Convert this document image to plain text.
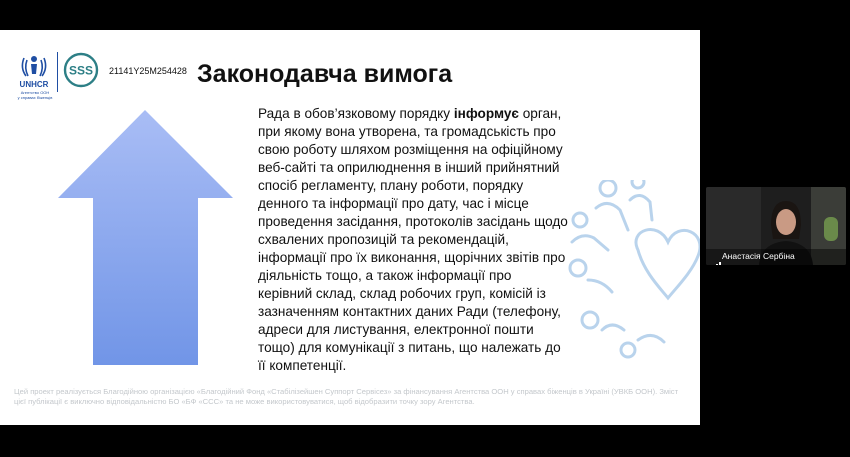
UNHCR
Агентство ООН
у справах біженців
SSS 21141Y25M254428 Законодавча вимога
Рада в обов’язковому порядку інформує орган, при якому вона утворена, та громадськість про свою роботу шляхом розміщення на офіційному веб-сайті та оприлюднення в інший прийнятний спосіб регламенту, плану роботи, порядку денного та інформації про дату, час і місце проведення засідання, протоколів засідань щодо схвалених пропозицій та рекомендацій, інформації про їх виконання, щорічних звітів про діяльність тощо, а також інформації про керівний склад, склад робочих груп, комісій із зазначенням контактних даних Ради (телефону, адреси для листування, електронної пошти тощо) для комунікації з питань, що належать до її компетенції.
Цей проект реалізується Благодійною організацією «Благодійний Фонд «Стабілізейшен Суппорт Сервісез» за фінансування Агентства ООН у справах біженців в Україні (УВКБ ООН). Зміст цієї публікації є виключно відповідальністю БО «БФ «ССС» та не може використовуватися, щоб відобразити точку зору Агентства.
Анастасія Сербіна
